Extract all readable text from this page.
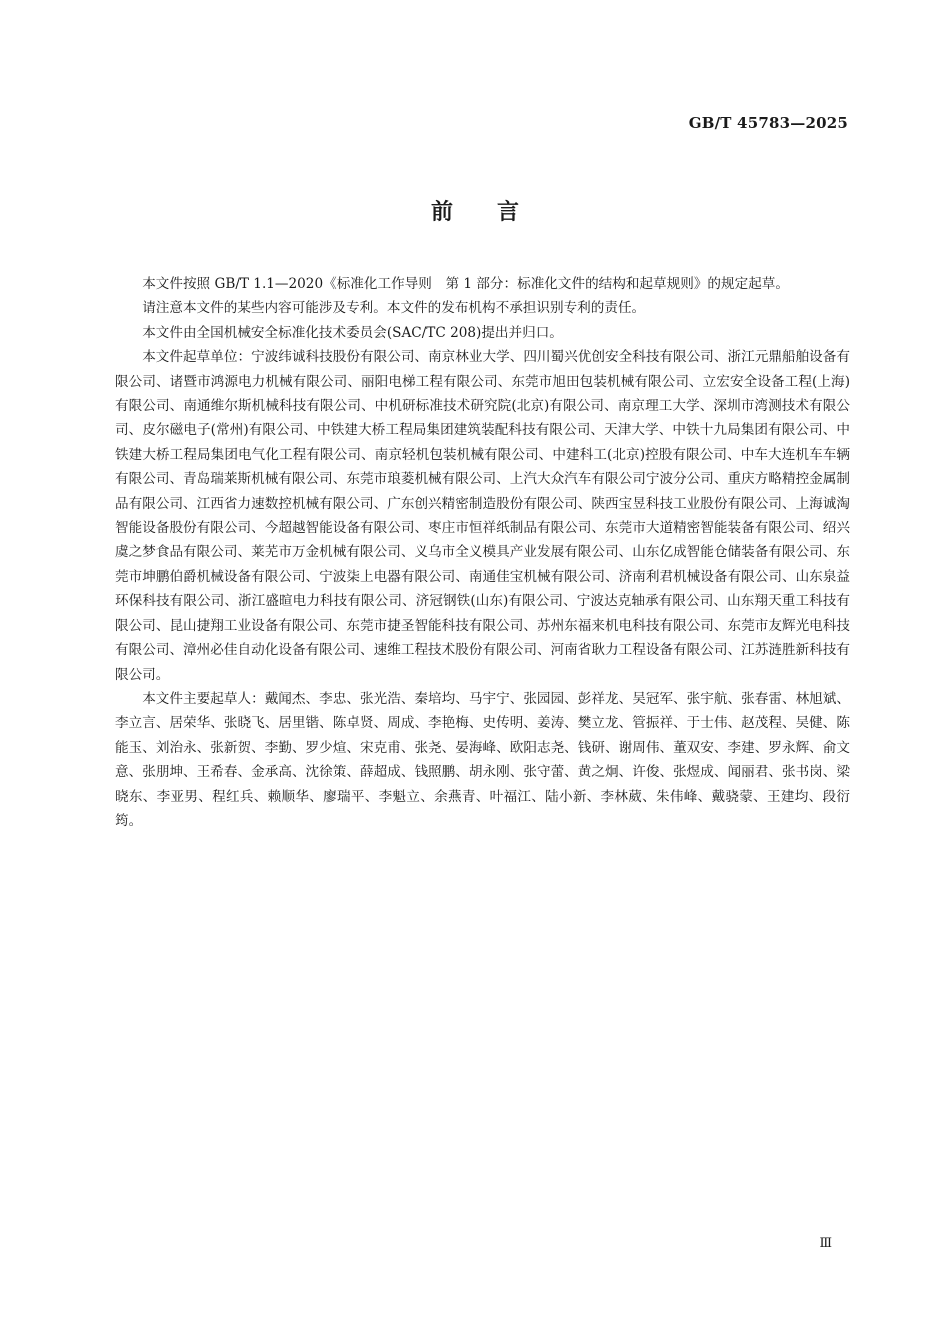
GB/T 45783—2025
前言

本文件按照 GB/T 1.1—2020《标准化工作导则　第 1 部分：标准化文件的结构和起草规则》的规定起草。

请注意本文件的某些内容可能涉及专利。本文件的发布机构不承担识别专利的责任。

本文件由全国机械安全标准化技术委员会(SAC/TC 208)提出并归口。

本文件起草单位：宁波纬诚科技股份有限公司、南京林业大学、四川蜀兴优创安全科技有限公司、浙江元鼎船舶设备有限公司、诸暨市鸿源电力机械有限公司、丽阳电梯工程有限公司、东莞市旭田包装机械有限公司、立宏安全设备工程(上海)有限公司、南通维尔斯机械科技有限公司、中机研标准技术研究院(北京)有限公司、南京理工大学、深圳市湾测技术有限公司、皮尔磁电子(常州)有限公司、中铁建大桥工程局集团建筑装配科技有限公司、天津大学、中铁十九局集团有限公司、中铁建大桥工程局集团电气化工程有限公司、南京轻机包装机械有限公司、中建科工(北京)控股有限公司、中车大连机车车辆有限公司、青岛瑞莱斯机械有限公司、东莞市琅菱机械有限公司、上汽大众汽车有限公司宁波分公司、重庆方略精控金属制品有限公司、江西省力速数控机械有限公司、广东创兴精密制造股份有限公司、陕西宝昱科技工业股份有限公司、上海诚淘智能设备股份有限公司、今超越智能设备有限公司、枣庄市恒祥纸制品有限公司、东莞市大道精密智能装备有限公司、绍兴虞之梦食品有限公司、莱芜市万金机械有限公司、义乌市全义模具产业发展有限公司、山东亿成智能仓储装备有限公司、东莞市坤鹏伯爵机械设备有限公司、宁波柒上电器有限公司、南通佳宝机械有限公司、济南利君机械设备有限公司、山东泉益环保科技有限公司、浙江盛暄电力科技有限公司、济冠钢铁(山东)有限公司、宁波达克轴承有限公司、山东翔天重工科技有限公司、昆山捷翔工业设备有限公司、东莞市捷圣智能科技有限公司、苏州东福来机电科技有限公司、东莞市友辉光电科技有限公司、漳州必佳自动化设备有限公司、速维工程技术股份有限公司、河南省耿力工程设备有限公司、江苏涟胜新科技有限公司。

本文件主要起草人：戴闻杰、李忠、张光浩、秦培均、马宇宁、张园园、彭祥龙、吴冠军、张宇航、张春雷、林旭斌、李立言、居荣华、张晓飞、居里锴、陈卓贤、周成、李艳梅、史传明、姜涛、樊立龙、管振祥、于士伟、赵茂程、吴健、陈能玉、刘治永、张新贺、李勤、罗少煊、宋克甫、张尧、晏海峰、欧阳志尧、钱研、谢周伟、董双安、李建、罗永辉、俞文意、张朋坤、王希春、金承高、沈徐策、薛超成、钱照鹏、胡永刚、张守蕾、黄之炯、许俊、张煜成、闻丽君、张书岗、梁晓东、李亚男、程红兵、赖顺华、廖瑞平、李魁立、余燕青、叶福江、陆小新、李林葳、朱伟峰、戴骁蒙、王建均、段衍筠。

Ⅲ
